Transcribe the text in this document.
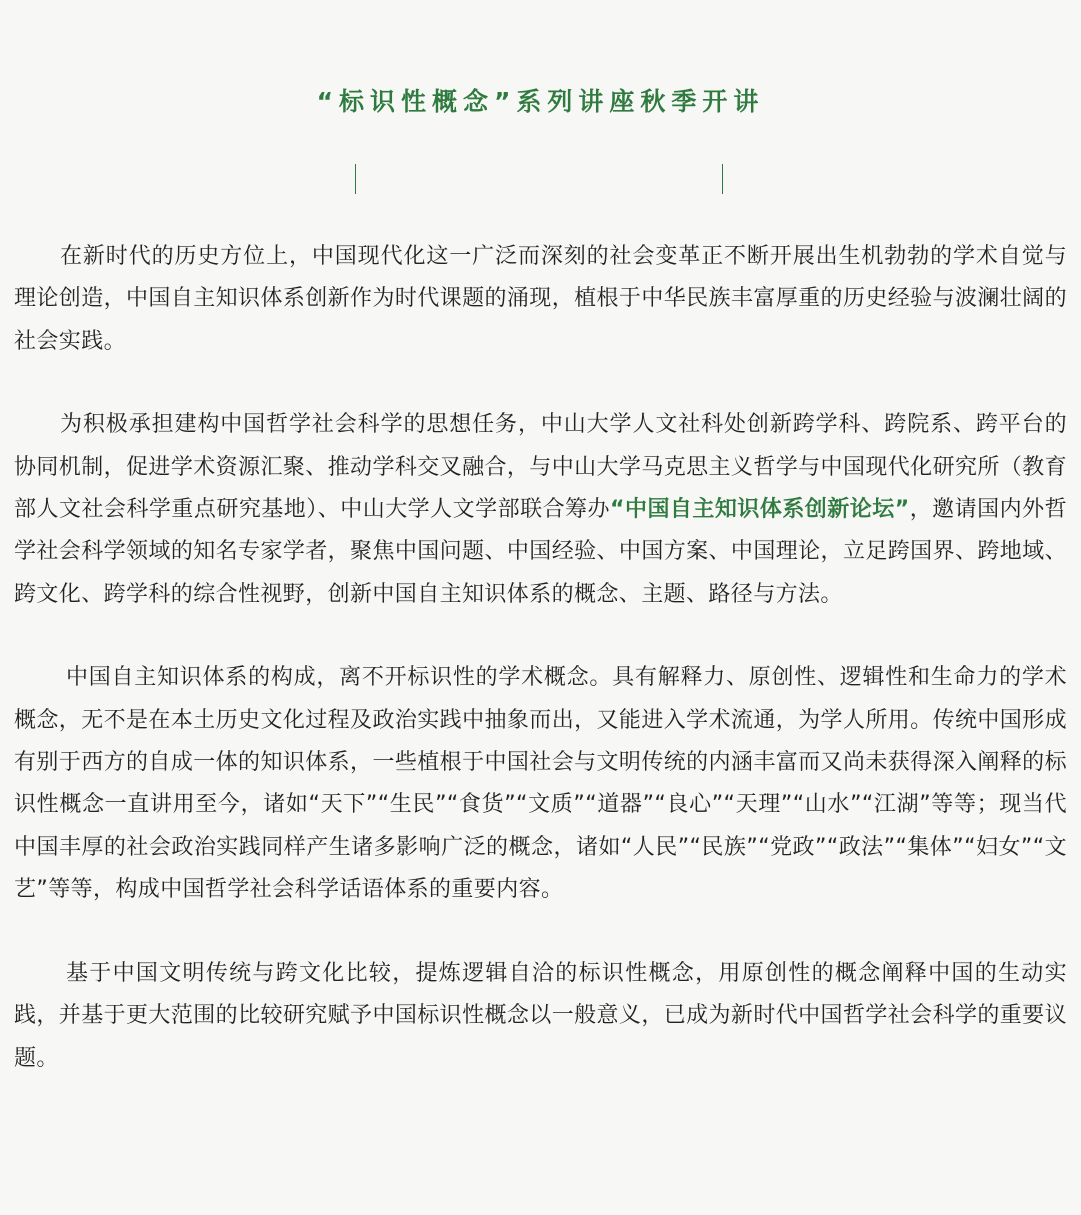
“标识性概念”系列讲座秋季开讲

在新时代的历史方位上，中国现代化这一广泛而深刻的社会变革正不断开展出生机勃勃的学术自觉与理论创造，中国自主知识体系创新作为时代课题的涌现，植根于中华民族丰富厚重的历史经验与波澜壮阔的社会实践。

为积极承担建构中国哲学社会科学的思想任务，中山大学人文社科处创新跨学科、跨院系、跨平台的协同机制，促进学术资源汇聚、推动学科交叉融合，与中山大学马克思主义哲学与中国现代化研究所（教育部人文社会科学重点研究基地）、中山大学人文学部联合筹办“中国自主知识体系创新论坛”，邀请国内外哲学社会科学领域的知名专家学者，聚焦中国问题、中国经验、中国方案、中国理论，立足跨国界、跨地域、跨文化、跨学科的综合性视野，创新中国自主知识体系的概念、主题、路径与方法。

中国自主知识体系的构成，离不开标识性的学术概念。具有解释力、原创性、逻辑性和生命力的学术概念，无不是在本土历史文化过程及政治实践中抽象而出，又能进入学术流通，为学人所用。传统中国形成有别于西方的自成一体的知识体系，一些植根于中国社会与文明传统的内涵丰富而又尚未获得深入阐释的标识性概念一直讲用至今，诸如“天下”“生民”“食货”“文质”“道器”“良心”“天理”“山水”“江湖”等等；现当代中国丰厚的社会政治实践同样产生诸多影响广泛的概念，诸如“人民”“民族”“党政”“政法”“集体”“妇女”“文艺”等等，构成中国哲学社会科学话语体系的重要内容。

基于中国文明传统与跨文化比较，提炼逻辑自洽的标识性概念，用原创性的概念阐释中国的生动实践，并基于更大范围的比较研究赋予中国标识性概念以一般意义，已成为新时代中国哲学社会科学的重要议题。
